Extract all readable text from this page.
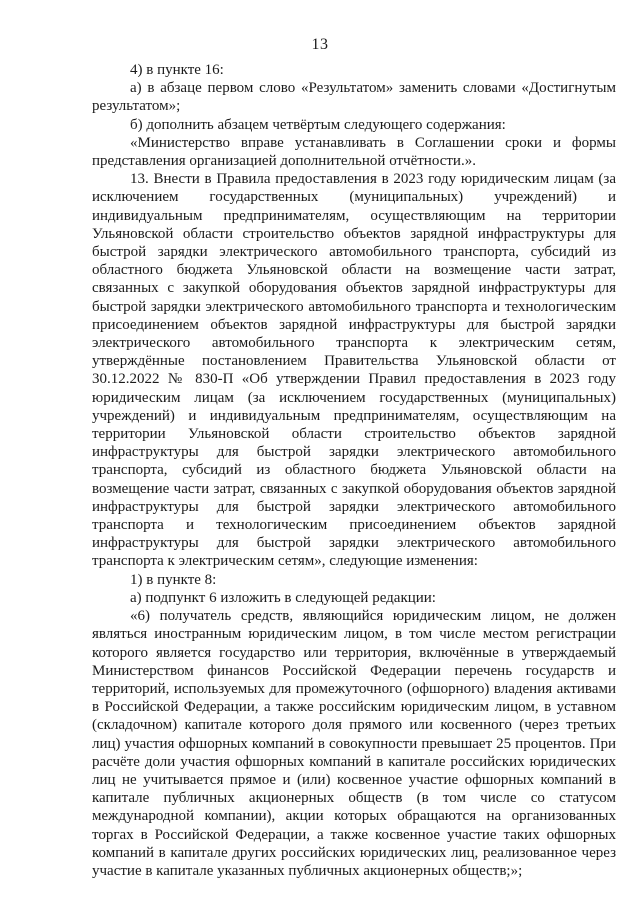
13

4) в пункте 16:

а) в абзаце первом слово «Результатом» заменить словами «Достигнутым результатом»;

б) дополнить абзацем четвёртым следующего содержания:

«Министерство вправе устанавливать в Соглашении сроки и формы представления организацией дополнительной отчётности.».

13. Внести в Правила предоставления в 2023 году юридическим лицам (за исключением государственных (муниципальных) учреждений) и индивидуальным предпринимателям, осуществляющим на территории Ульяновской области строительство объектов зарядной инфраструктуры для быстрой зарядки электрического автомобильного транспорта, субсидий из областного бюджета Ульяновской области на возмещение части затрат, связанных с закупкой оборудования объектов зарядной инфраструктуры для быстрой зарядки электрического автомобильного транспорта и технологическим присоединением объектов зарядной инфраструктуры для быстрой зарядки электрического автомобильного транспорта к электрическим сетям, утверждённые постановлением Правительства Ульяновской области от 30.12.2022 № 830-П «Об утверждении Правил предоставления в 2023 году юридическим лицам (за исключением государственных (муниципальных) учреждений) и индивидуальным предпринимателям, осуществляющим на территории Ульяновской области строительство объектов зарядной инфраструктуры для быстрой зарядки электрического автомобильного транспорта, субсидий из областного бюджета Ульяновской области на возмещение части затрат, связанных с закупкой оборудования объектов зарядной инфраструктуры для быстрой зарядки электрического автомобильного транспорта и технологическим присоединением объектов зарядной инфраструктуры для быстрой зарядки электрического автомобильного транспорта к электрическим сетям», следующие изменения:

1) в пункте 8:

а) подпункт 6 изложить в следующей редакции:

«6) получатель средств, являющийся юридическим лицом, не должен являться иностранным юридическим лицом, в том числе местом регистрации которого является государство или территория, включённые в утверждаемый Министерством финансов Российской Федерации перечень государств и территорий, используемых для промежуточного (офшорного) владения активами в Российской Федерации, а также российским юридическим лицом, в уставном (складочном) капитале которого доля прямого или косвенного (через третьих лиц) участия офшорных компаний в совокупности превышает 25 процентов. При расчёте доли участия офшорных компаний в капитале российских юридических лиц не учитывается прямое и (или) косвенное участие офшорных компаний в капитале публичных акционерных обществ (в том числе со статусом международной компании), акции которых обращаются на организованных торгах в Российской Федерации, а также косвенное участие таких офшорных компаний в капитале других российских юридических лиц, реализованное через участие в капитале указанных публичных акционерных обществ;»;
